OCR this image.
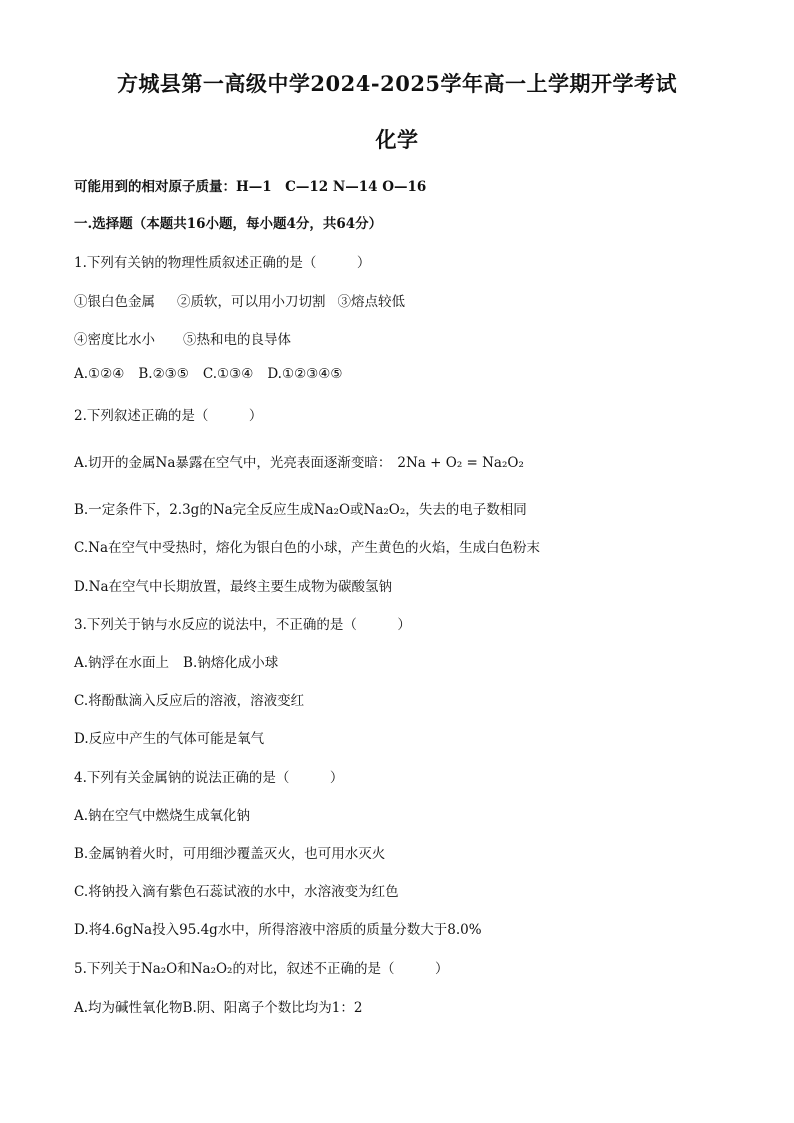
方城县第一高级中学2024-2025学年高一上学期开学考试
化学
可能用到的相对原子质量：H—1　C—12 N—14 O—16
一.选择题（本题共16小题，每小题4分，共64分）
1.下列有关钠的物理性质叙述正确的是（　　　）
①银白色金属 ②质软，可以用小刀切割 ③熔点较低
④密度比水小 ⑤热和电的良导体
A.①②④ B.②③⑤ C.①③④ D.①②③④⑤
2.下列叙述正确的是（　　　）
A.切开的金属Na暴露在空气中，光亮表面逐渐变暗： 2Na + O₂ = Na₂O₂
B.一定条件下，2.3g的Na完全反应生成Na₂O或Na₂O₂，失去的电子数相同
C.Na在空气中受热时，熔化为银白色的小球，产生黄色的火焰，生成白色粉末
D.Na在空气中长期放置，最终主要生成物为碳酸氢钠
3.下列关于钠与水反应的说法中，不正确的是（　　　）
A.钠浮在水面上 B.钠熔化成小球
C.将酚酞滴入反应后的溶液，溶液变红
D.反应中产生的气体可能是氧气
4.下列有关金属钠的说法正确的是（　　　）
A.钠在空气中燃烧生成氧化钠
B.金属钠着火时，可用细沙覆盖灭火，也可用水灭火
C.将钠投入滴有紫色石蕊试液的水中，水溶液变为红色
D.将4.6gNa投入95.4g水中，所得溶液中溶质的质量分数大于8.0%
5.下列关于Na₂O和Na₂O₂的对比，叙述不正确的是（　　　）
A.均为碱性氧化物B.阴、阳离子个数比均为1：2
